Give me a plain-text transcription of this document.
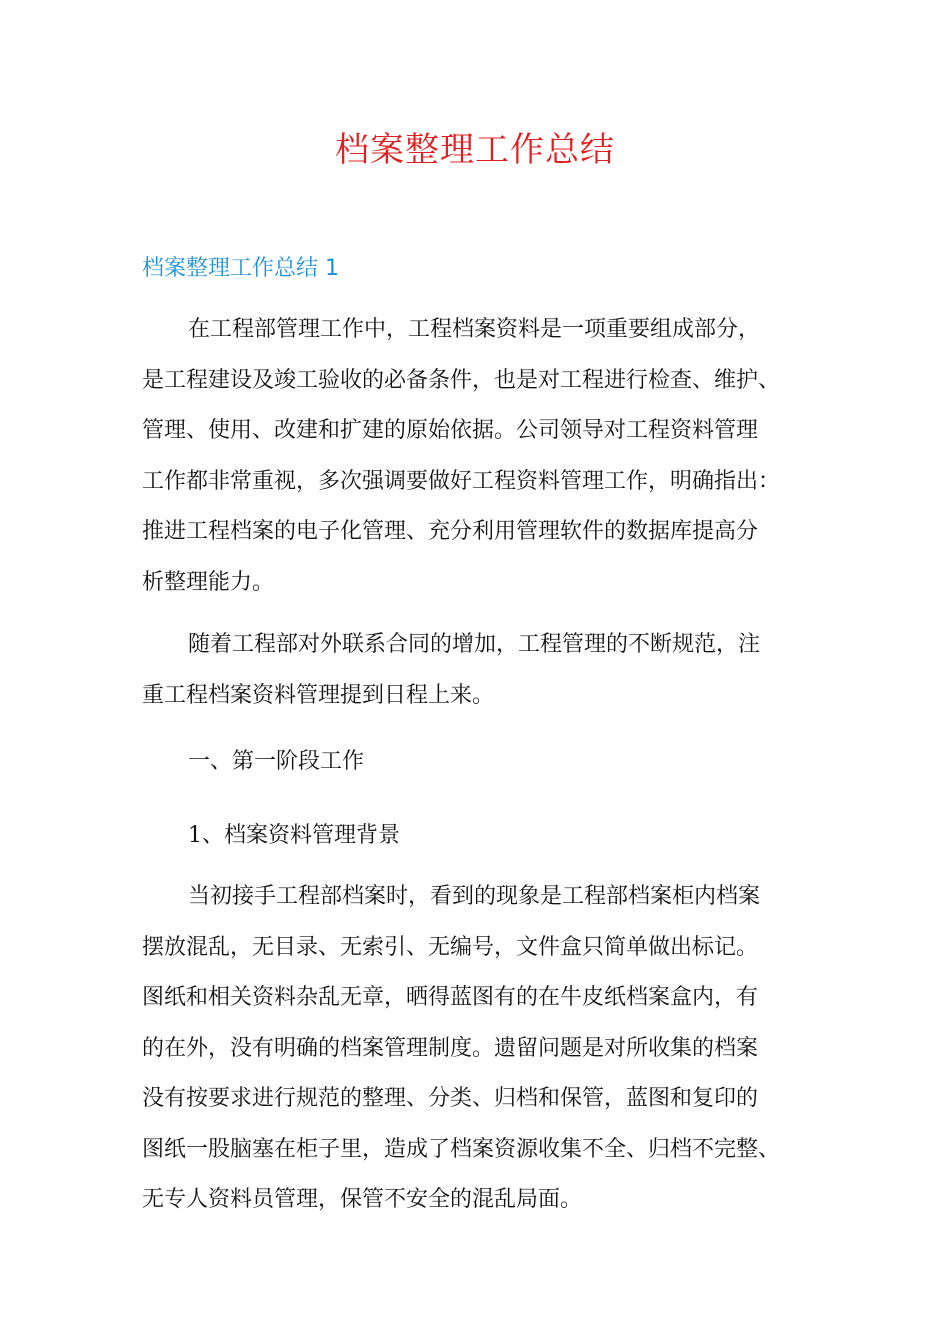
档案整理工作总结
档案整理工作总结 1

在工程部管理工作中，工程档案资料是一项重要组成部分，
是工程建设及竣工验收的必备条件，也是对工程进行检查、维护、
管理、使用、改建和扩建的原始依据。公司领导对工程资料管理
工作都非常重视，多次强调要做好工程资料管理工作，明确指出：
推进工程档案的电子化管理、充分利用管理软件的数据库提高分
析整理能力。

随着工程部对外联系合同的增加，工程管理的不断规范，注
重工程档案资料管理提到日程上来。

一、第一阶段工作

1、档案资料管理背景

当初接手工程部档案时，看到的现象是工程部档案柜内档案
摆放混乱，无目录、无索引、无编号，文件盒只简单做出标记。
图纸和相关资料杂乱无章，晒得蓝图有的在牛皮纸档案盒内，有
的在外，没有明确的档案管理制度。遗留问题是对所收集的档案
没有按要求进行规范的整理、分类、归档和保管，蓝图和复印的
图纸一股脑塞在柜子里，造成了档案资源收集不全、归档不完整、
无专人资料员管理，保管不安全的混乱局面。
